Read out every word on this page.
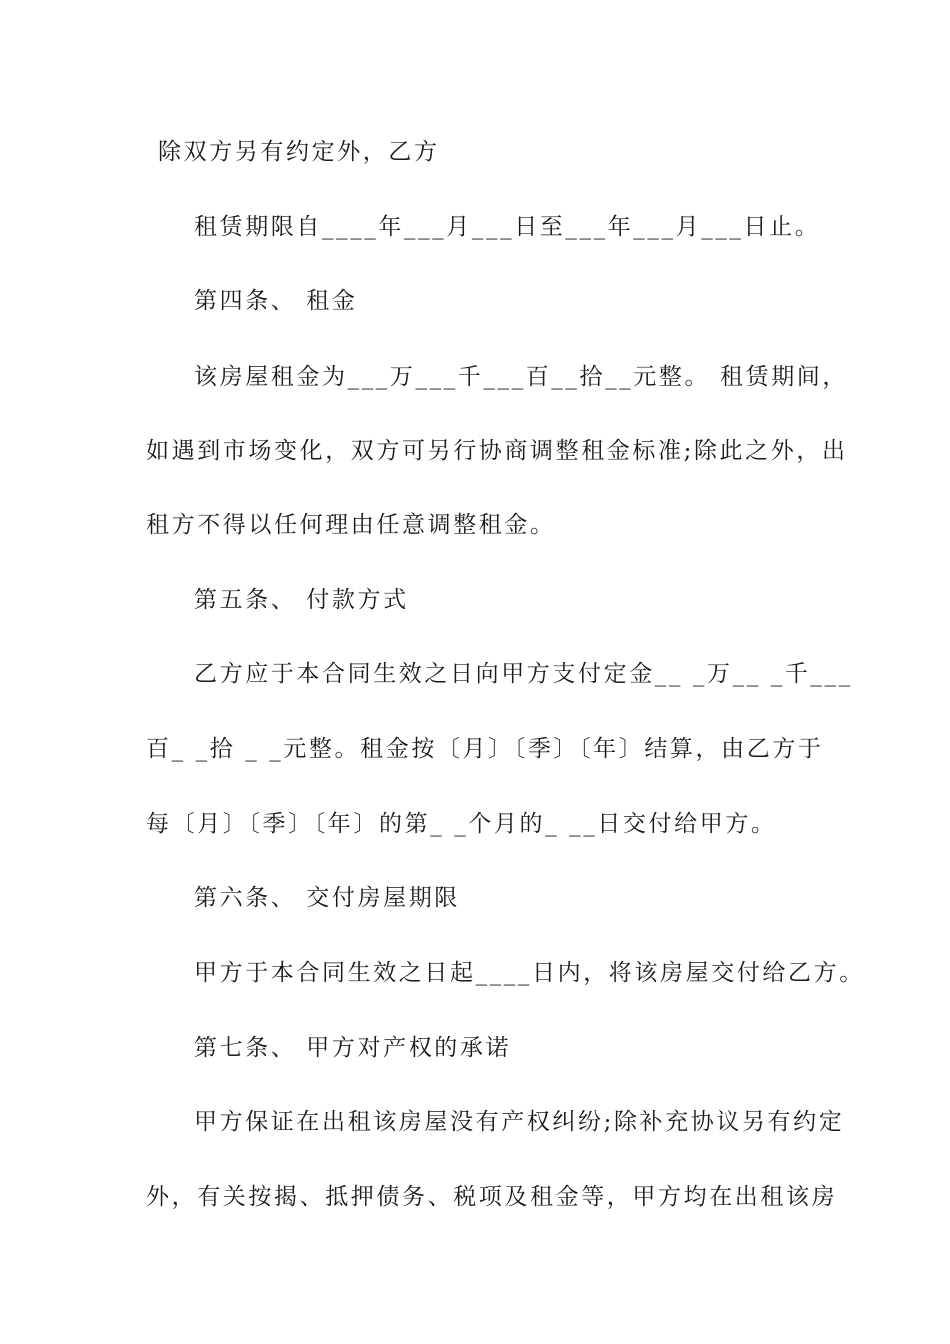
除双方另有约定外，乙方
租赁期限自____年___月___日至___年___月___日止。
第四条、 租金
该房屋租金为___万___千___百__拾__元整。 租赁期间，
如遇到市场变化，双方可另行协商调整租金标准;除此之外，出
租方不得以任何理由任意调整租金。
第五条、 付款方式
乙方应于本合同生效之日向甲方支付定金__ _万__ _千___
百_ _拾 _ _元整。租金按〔月〕〔季〕〔年〕结算，由乙方于
每〔月〕〔季〕〔年〕的第_ _个月的_ __日交付给甲方。
第六条、 交付房屋期限
甲方于本合同生效之日起____日内，将该房屋交付给乙方。
第七条、 甲方对产权的承诺
甲方保证在出租该房屋没有产权纠纷;除补充协议另有约定
外，有关按揭、抵押债务、税项及租金等，甲方均在出租该房
